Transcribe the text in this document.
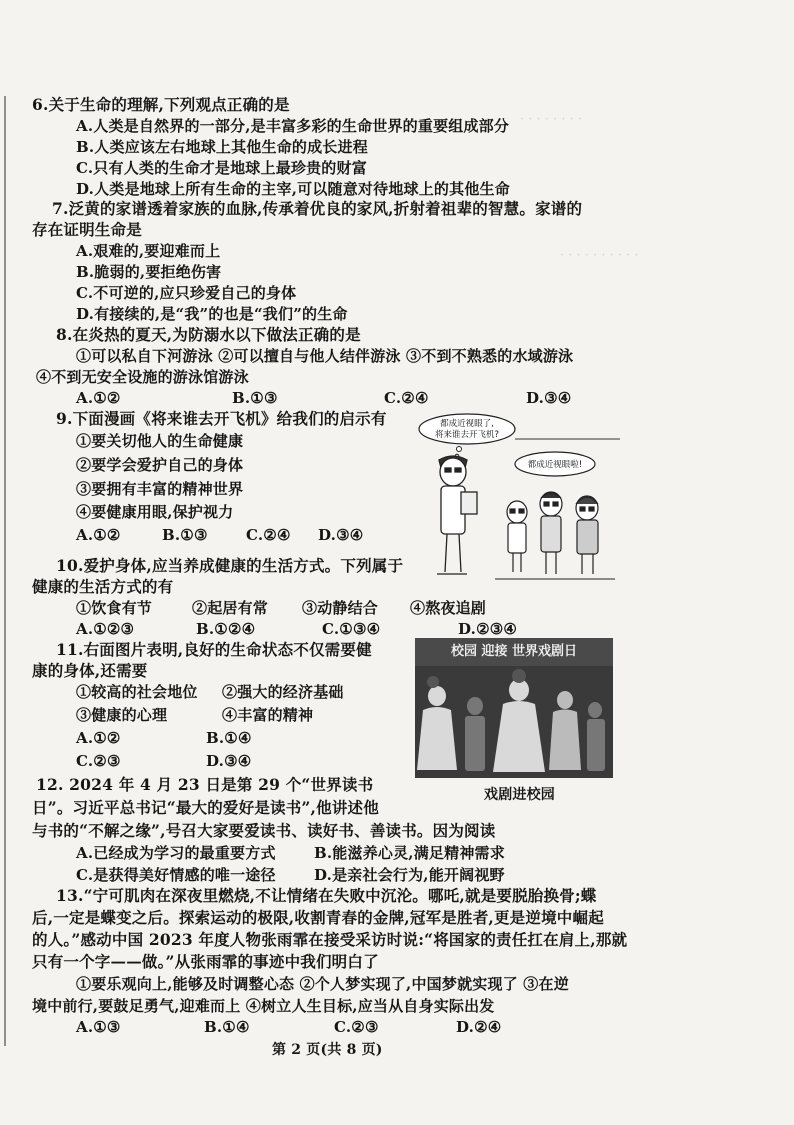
· · · · · · · ·
· · · · · · · · · ·
6.关于生命的理解,下列观点正确的是
A.人类是自然界的一部分,是丰富多彩的生命世界的重要组成部分
B.人类应该左右地球上其他生命的成长进程
C.只有人类的生命才是地球上最珍贵的财富
D.人类是地球上所有生命的主宰,可以随意对待地球上的其他生命
7.泛黄的家谱透着家族的血脉,传承着优良的家风,折射着祖辈的智慧。家谱的
存在证明生命是
A.艰难的,要迎难而上
B.脆弱的,要拒绝伤害
C.不可逆的,应只珍爱自己的身体
D.有接续的,是“我”的也是“我们”的生命
8.在炎热的夏天,为防溺水以下做法正确的是
①可以私自下河游泳 ②可以擅自与他人结伴游泳 ③不到不熟悉的水域游泳
④不到无安全设施的游泳馆游泳
A.①②	B.①③	C.②④	D.③④
9.下面漫画《将来谁去开飞机》给我们的启示有
①要关切他人的生命健康
②要学会爱护自己的身体
③要拥有丰富的精神世界
④要健康用眼,保护视力
A.①②	B.①③	C.②④ D.③④
都成近视眼了,
将来谁去开飞机?
都成近视眼啦!
10.爱护身体,应当养成健康的生活方式。下列属于
健康的生活方式的有
①饮食有节	②起居有常 ③动静结合 ④熬夜追剧
A.①②③	B.①②④	C.①③④	D.②③④
11.右面图片表明,良好的生命状态不仅需要健
康的身体,还需要
①较高的社会地位 ②强大的经济基础
③健康的心理	④丰富的精神
A.①②	B.①④
C.②③	D.③④
校园 迎接 世界戏剧日
戏剧进校园
12. 2024 年 4 月 23 日是第 29 个“世界读书
日”。习近平总书记“最大的爱好是读书”,他讲述他
与书的“不解之缘”,号召大家要爱读书、读好书、善读书。因为阅读
A.已经成为学习的最重要方式	B.能滋养心灵,满足精神需求
C.是获得美好情感的唯一途径	D.是亲社会行为,能开阔视野
13.“宁可肌肉在深夜里燃烧,不让情绪在失败中沉沦。哪吒,就是要脱胎换骨;蝶
后,一定是蝶变之后。探索运动的极限,收割青春的金牌,冠军是胜者,更是逆境中崛起
的人。”感动中国 2023 年度人物张雨霏在接受采访时说:“将国家的责任扛在肩上,那就
只有一个字——做。”从张雨霏的事迹中我们明白了
①要乐观向上,能够及时调整心态 ②个人梦实现了,中国梦就实现了 ③在逆
境中前行,要鼓足勇气,迎难而上 ④树立人生目标,应当从自身实际出发
A.①③	B.①④	C.②③	D.②④
第 2 页(共 8 页)
